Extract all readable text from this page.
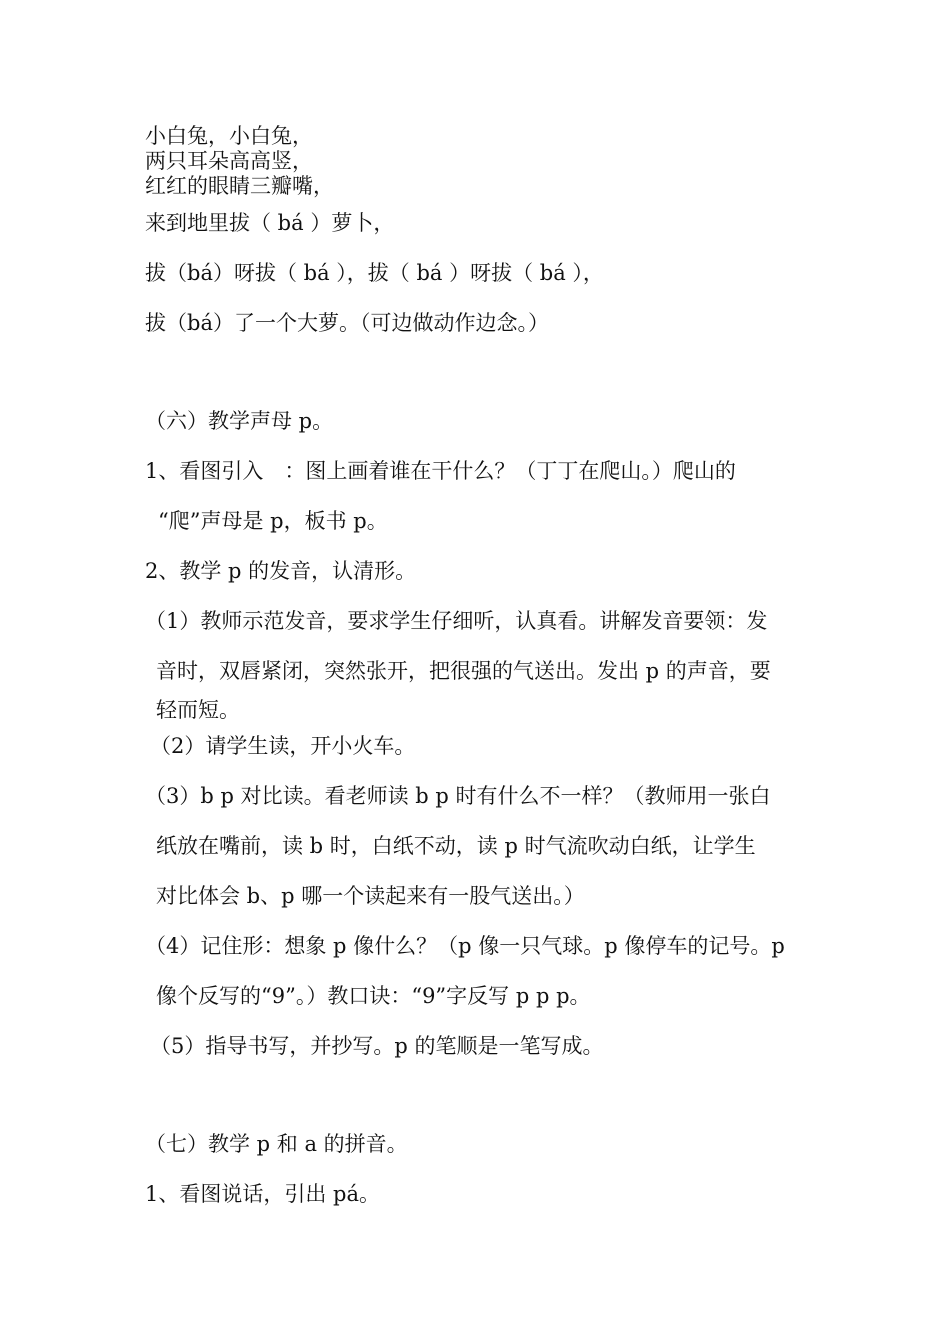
小白兔，小白兔，
两只耳朵高高竖，
红红的眼睛三瓣嘴，
来到地里拔（ bá ）萝卜，
拔（bá）呀拔（ bá ），拔（ bá ）呀拔（ bá ），
拔（bá）了一个大萝。（可边做动作边念。）
（六）教学声母 p。
1、看图引入　：图上画着谁在干什么？（丁丁在爬山。）爬山的
“爬”声母是 p，板书 p。
2、教学 p 的发音，认清形。
（1）教师示范发音，要求学生仔细听，认真看。讲解发音要领：发
音时，双唇紧闭，突然张开，把很强的气送出。发出 p 的声音，要
轻而短。
（2）请学生读，开小火车。
（3）b p 对比读。看老师读 b p 时有什么不一样？（教师用一张白
纸放在嘴前，读 b 时，白纸不动，读 p 时气流吹动白纸，让学生
对比体会 b、p 哪一个读起来有一股气送出。）
（4）记住形：想象 p 像什么？（p 像一只气球。p 像停车的记号。p
像个反写的“9”。）教口诀：“9”字反写 p p p。
（5）指导书写，并抄写。p 的笔顺是一笔写成。
（七）教学 p 和 a 的拼音。
1、看图说话，引出 pá。
